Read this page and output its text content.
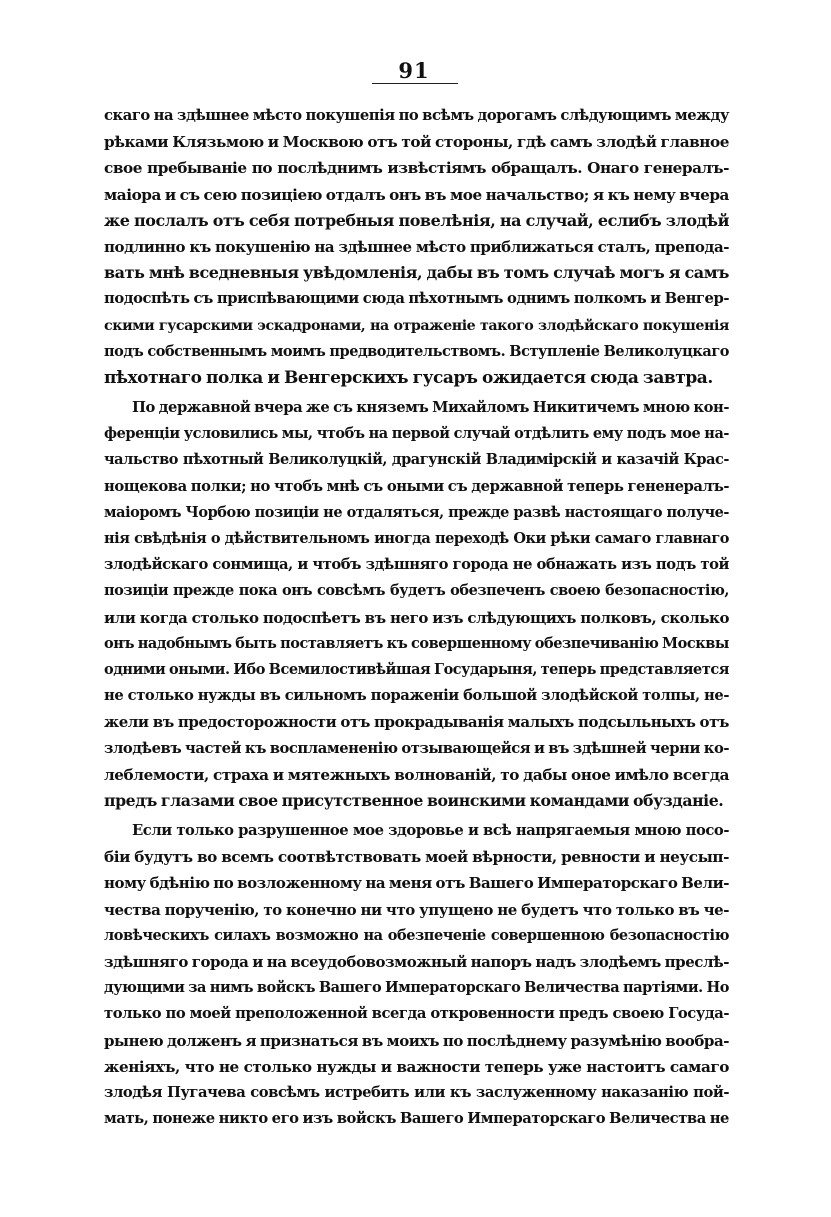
91
скаго на здѣшнее мѣсто покушепія по всѣмъ дорогамъ слѣдующимъ между
рѣками Клязьмою и Москвою отъ той стороны, гдѣ самъ злодѣй главное
свое пребываніе по послѣднимъ извѣстіямъ обращалъ. Онаго генералъ-
маіора и съ сею позиціею отдалъ онъ въ мое начальство; я къ нему вчера
же послалъ отъ себя потребныя повелѣнія, на случай, еслибъ злодѣй
подлинно къ покушенію на здѣшнее мѣсто приближаться сталъ, препода-
вать мнѣ вседневныя увѣдомленія, дабы въ томъ случаѣ могъ я самъ
подоспѣть съ приспѣвающими сюда пѣхотнымъ однимъ полкомъ и Венгер-
скими гусарскими эскадронами, на отраженіе такого злодѣйскаго покушенія
подъ собственнымъ моимъ предводительствомъ. Вступленіе Великолуцкаго
пѣхотнаго полка и Венгерскихъ гусаръ ожидается сюда завтра.
По державной вчера же съ княземъ Михайломъ Никитичемъ мною кон-
ференціи условились мы, чтобъ на первой случай отдѣлить ему подъ мое на-
чальство пѣхотный Великолуцкій, драгунскій Владимірскій и казачій Крас-
нощекова полки; но чтобъ мнѣ съ оными съ державной теперь гененералъ-
маіоромъ Чорбою позиціи не отдаляться, прежде развѣ настоящаго получе-
нія свѣдѣнія о дѣйствительномъ иногда переходѣ Оки рѣки самаго главнаго
злодѣйскаго сонмища, и чтобъ здѣшняго города не обнажать изъ подъ той
позиціи прежде пока онъ совсѣмъ будетъ обезпеченъ своею безопасностію,
или когда столько подоспѣетъ въ него изъ слѣдующихъ полковъ, сколько
онъ надобнымъ быть поставляетъ къ совершенному обезпечиванію Москвы
одними оными. Ибо Всемилостивѣйшая Государыня, теперь представляется
не столько нужды въ сильномъ пораженіи большой злодѣйской толпы, не-
жели въ предосторожности отъ прокрадыванія малыхъ подсыльныхъ отъ
злодѣевъ частей къ воспламененію отзывающейся и въ здѣшней черни ко-
леблемости, страха и мятежныхъ волнованій, то дабы оное имѣло всегда
предъ глазами свое присутственное воинскими командами обузданіе.
Если только разрушенное мое здоровье и всѣ напрягаемыя мною посо-
біи будутъ во всемъ соотвѣтствовать моей вѣрности, ревности и неусып-
ному бдѣнію по возложенному на меня отъ Вашего Императорскаго Вели-
чества порученію, то конечно ни что упущено не будетъ что только въ че-
ловѣческихъ силахъ возможно на обезпеченіе совершенною безопасностію
здѣшняго города и на всеудобовозможный напоръ надъ злодѣемъ преслѣ-
дующими за нимъ войскъ Вашего Императорскаго Величества партіями. Но
только по моей преположенной всегда откровенности предъ своею Госуда-
рынею долженъ я признаться въ моихъ по послѣднему разумѣнію вообра-
женіяхъ, что не столько нужды и важности теперь уже настоитъ самаго
злодѣя Пугачева совсѣмъ истребить или къ заслуженному наказанію пой-
мать, понеже никто его изъ войскъ Вашего Императорскаго Величества не
